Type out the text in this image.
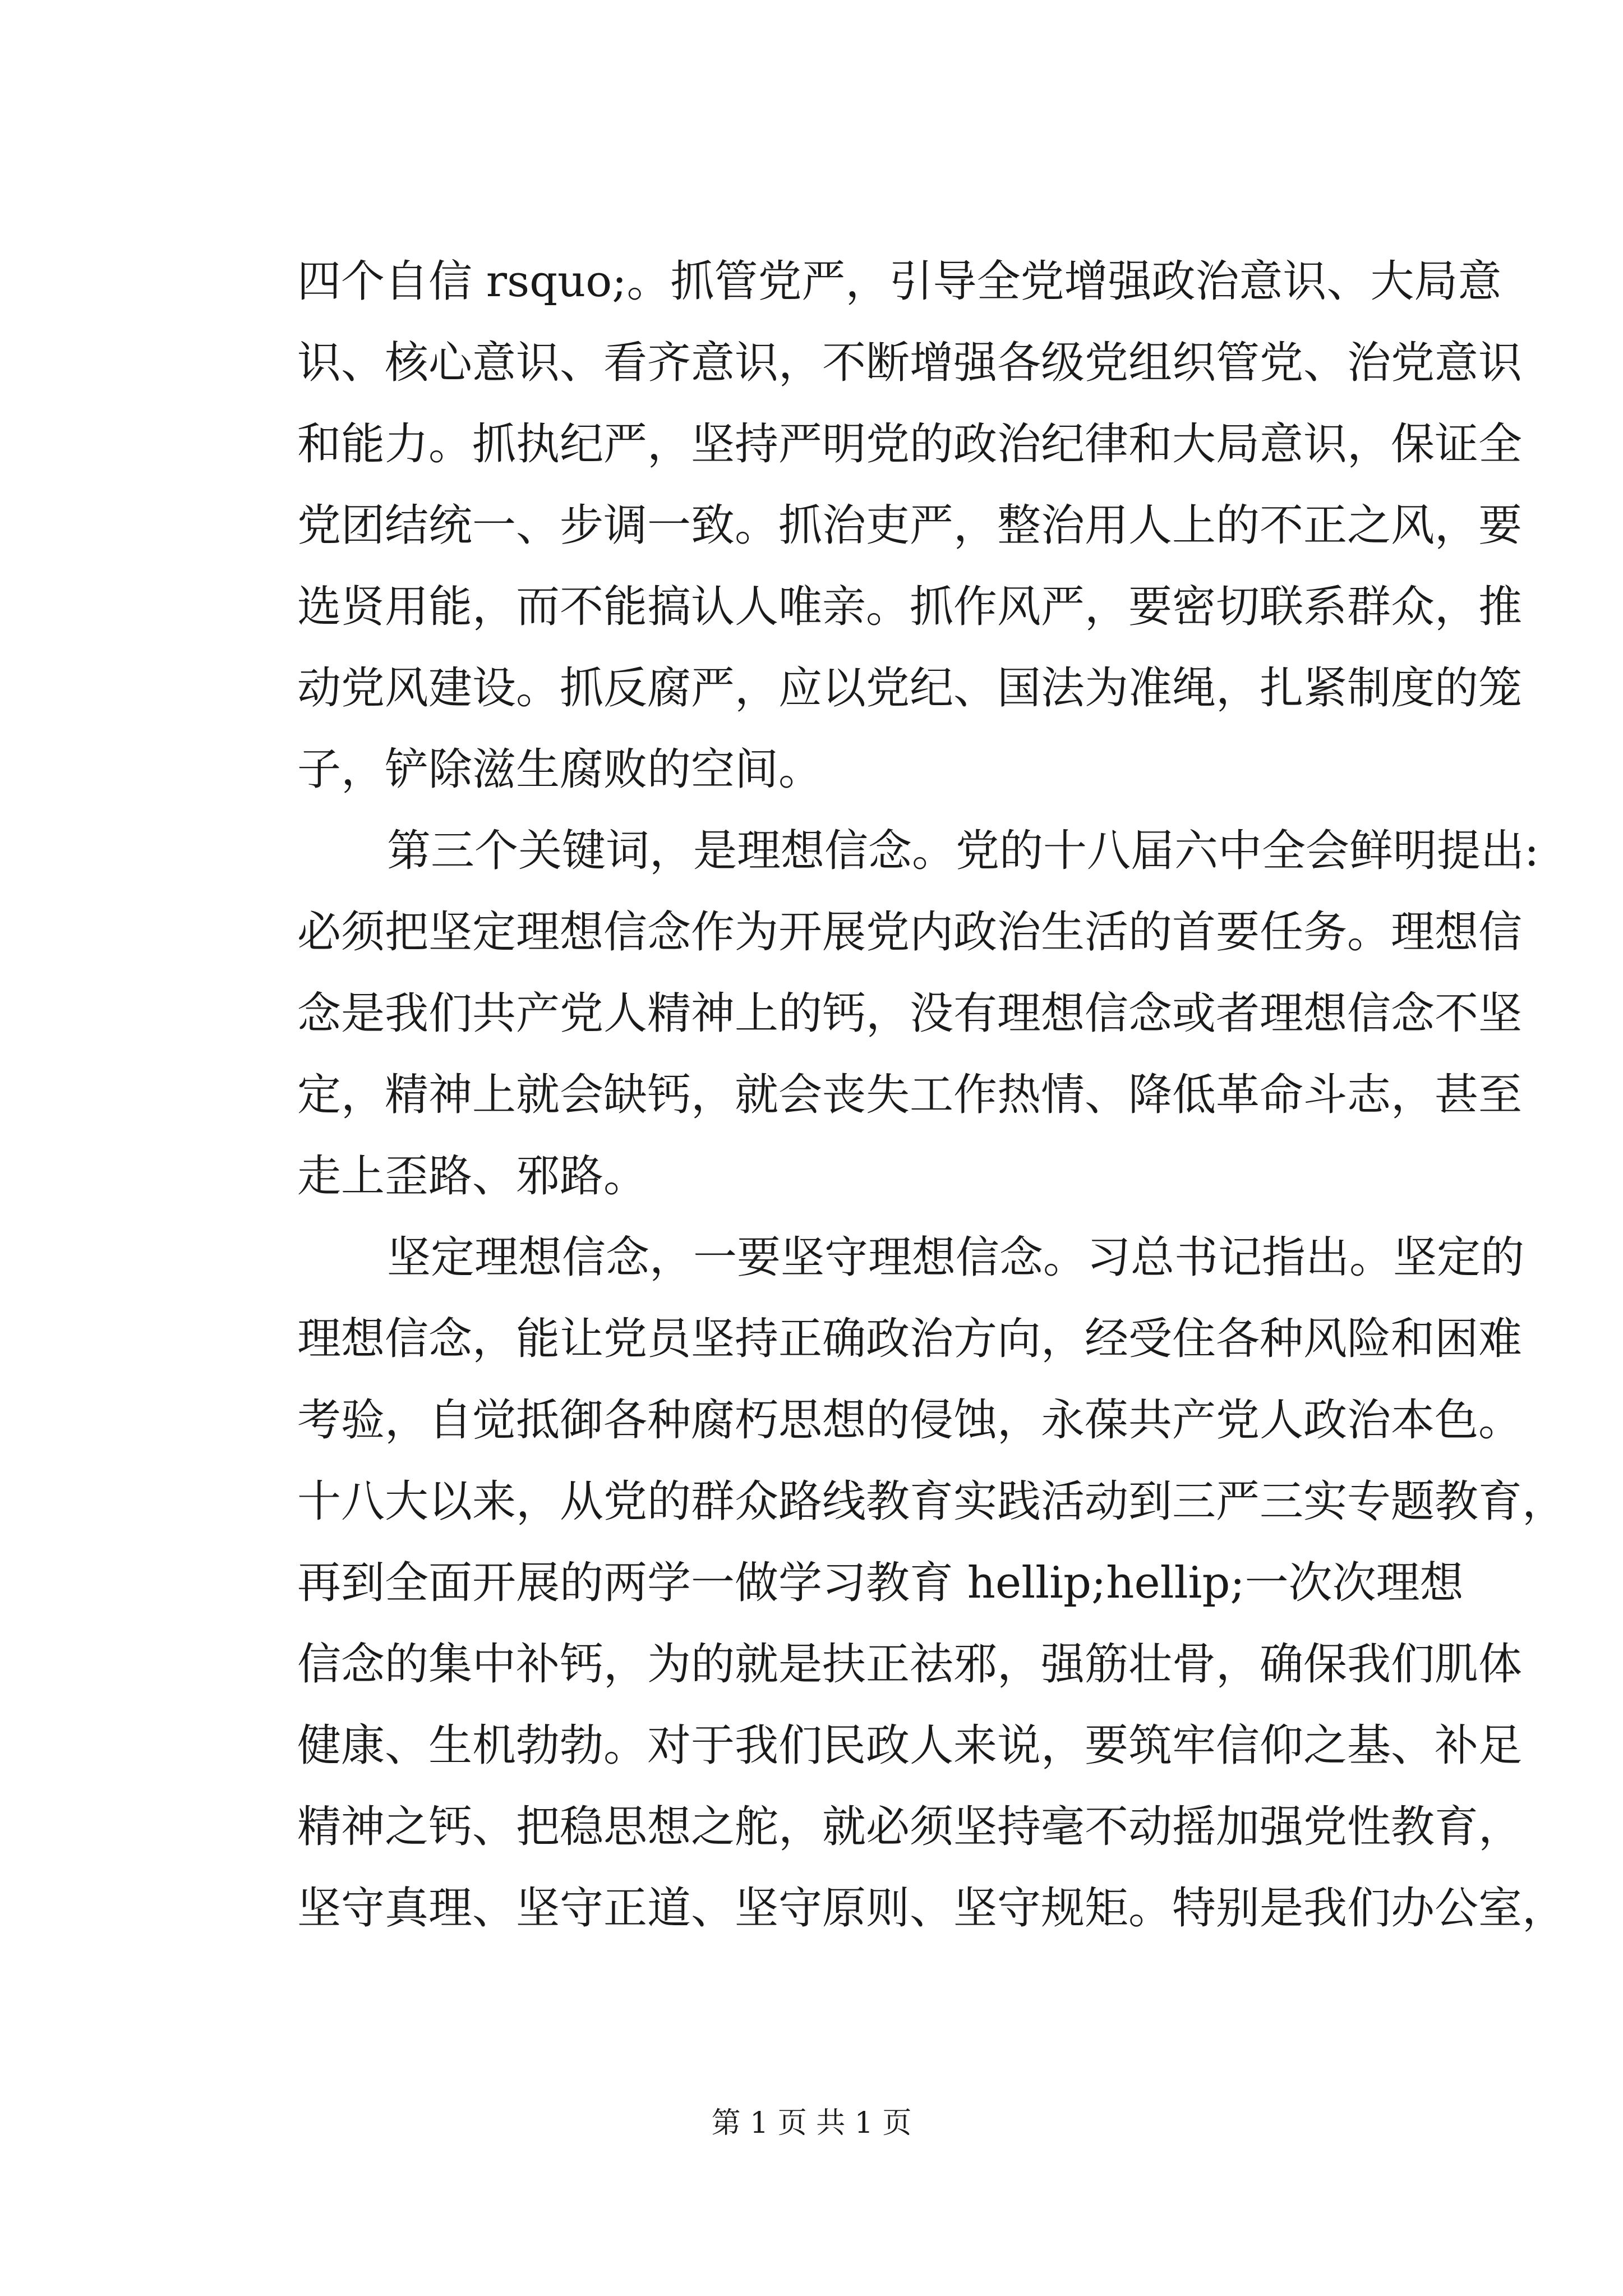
四个自信 rsquo;。抓管党严，引导全党增强政治意识、大局意
识、核心意识、看齐意识，不断增强各级党组织管党、治党意识
和能力。抓执纪严，坚持严明党的政治纪律和大局意识，保证全
党团结统一、步调一致。抓治吏严，整治用人上的不正之风，要
选贤用能，而不能搞认人唯亲。抓作风严，要密切联系群众，推
动党风建设。抓反腐严，应以党纪、国法为准绳，扎紧制度的笼
子，铲除滋生腐败的空间。
第三个关键词，是理想信念。党的十八届六中全会鲜明提出:
必须把坚定理想信念作为开展党内政治生活的首要任务。理想信
念是我们共产党人精神上的钙，没有理想信念或者理想信念不坚
定，精神上就会缺钙，就会丧失工作热情、降低革命斗志，甚至
走上歪路、邪路。
坚定理想信念，一要坚守理想信念。习总书记指出。坚定的
理想信念，能让党员坚持正确政治方向，经受住各种风险和困难
考验，自觉抵御各种腐朽思想的侵蚀，永葆共产党人政治本色。
十八大以来，从党的群众路线教育实践活动到三严三实专题教育，
再到全面开展的两学一做学习教育 hellip;hellip;一次次理想
信念的集中补钙，为的就是扶正祛邪，强筋壮骨，确保我们肌体
健康、生机勃勃。对于我们民政人来说，要筑牢信仰之基、补足
精神之钙、把稳思想之舵，就必须坚持毫不动摇加强党性教育，
坚守真理、坚守正道、坚守原则、坚守规矩。特别是我们办公室，
第 1 页 共 1 页
